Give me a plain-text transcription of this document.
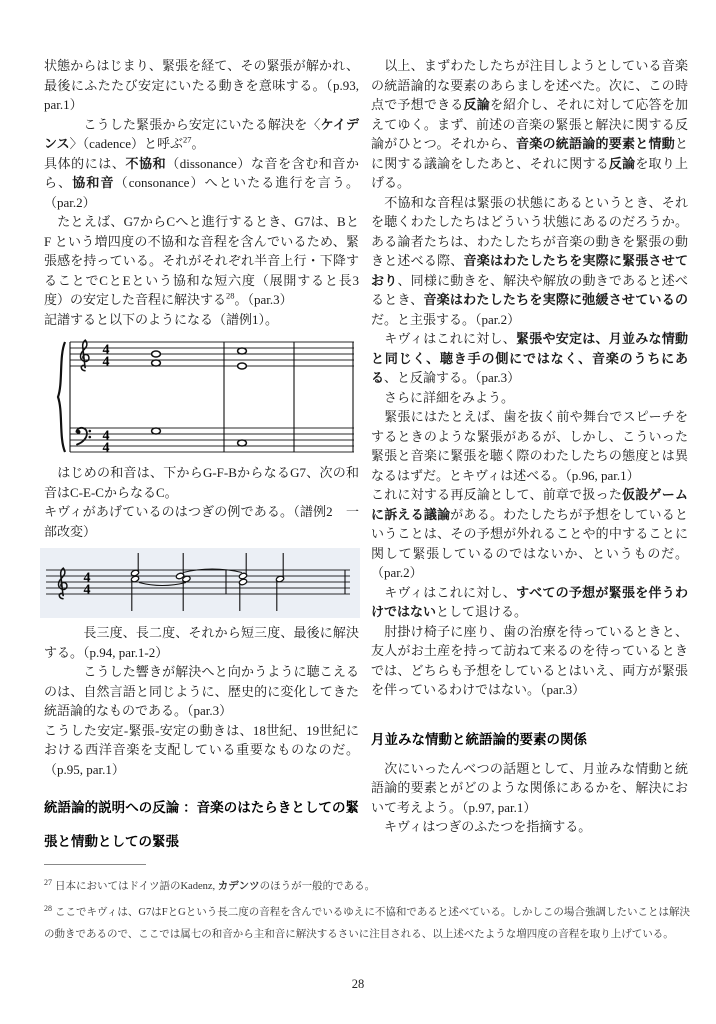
状態からはじまり、緊張を経て、その緊張が解かれ、最後にふたたび安定にいたる動きを意味する。（p.93, par.1）

　　　こうした緊張から安定にいたる解決を〈ケイデンス〉（cadence）と呼ぶ$^{27}$。

具体的には、不協和（dissonance）な音を含む和音から、協和音（consonance）へといたる進行を言う。（par.2）

　たとえば、G7からCへと進行するとき、G7は、BとF という増四度の不協和な音程を含んでいるため、緊張感を持っている。それがそれぞれ半音上行・下降することでCとEという協和な短六度（展開すると長3度）の安定した音程に解決する$^{28}$。（par.3）

記譜すると以下のようになる（譜例1）。

4
4
4
4

　はじめの和音は、下からG-F-BからなるG7、次の和音はC-E-CからなるC。

キヴィがあげているのはつぎの例である。（譜例2　一部改変）

4
4

　　　長三度、長二度、それから短三度、最後に解決する。（p.94, par.1-2）

　　　こうした響きが解決へと向かうように聴こえるのは、自然言語と同じように、歴史的に変化してきた統語論的なものである。（par.3）

こうした安定-緊張-安定の動きは、18世紀、19世紀における西洋音楽を支配している重要なものなのだ。（p.95, par.1）

統語論的説明への反論 ：音楽のはたらきとしての緊張と情動としての緊張

　以上、まずわたしたちが注目しようとしている音楽の統語論的な要素のあらましを述べた。次に、この時点で予想できる反論を紹介し、それに対して応答を加えてゆく。まず、前述の音楽の緊張と解決に関する反論がひとつ。それから、音楽の統語論的要素と情動とに関する議論をしたあと、それに関する反論を取り上げる。

　不協和な音程は緊張の状態にあるというとき、それを聴くわたしたちはどういう状態にあるのだろうか。ある論者たちは、わたしたちが音楽の動きを緊張の動きと述べる際、音楽はわたしたちを実際に緊張させており、同様に動きを、解決や解放の動きであると述べるとき、音楽はわたしたちを実際に弛緩させているのだ。と主張する。（par.2）

　キヴィはこれに対し、緊張や安定は、月並みな情動と同じく、聴き手の側にではなく、音楽のうちにある、と反論する。（par.3）

　さらに詳細をみよう。

　緊張にはたとえば、歯を抜く前や舞台でスピーチをするときのような緊張があるが、しかし、こういった緊張と音楽に緊張を聴く際のわたしたちの態度とは異なるはずだ。とキヴィは述べる。（p.96, par.1）

これに対する再反論として、前章で扱った仮設ゲームに訴える議論がある。わたしたちが予想をしているということは、その予想が外れることや的中することに関して緊張しているのではないか、というものだ。（par.2）

　キヴィはこれに対し、すべての予想が緊張を伴うわけではないとして退ける。

　肘掛け椅子に座り、歯の治療を待っているときと、友人がお土産を持って訪ねて来るのを待っているときでは、どちらも予想をしているとはいえ、両方が緊張を伴っているわけではない。（par.3）

月並みな情動と統語論的要素の関係

　次にいったんべつの話題として、月並みな情動と統語論的要素とがどのような関係にあるかを、解決において考えよう。（p.97, par.1）

　キヴィはつぎのふたつを指摘する。

$^{27}$ 日本においてはドイツ語のKadenz, カデンツのほうが一般的である。
$^{28}$ ここでキヴィは、G7はFとGという長二度の音程を含んでいるゆえに不協和であると述べている。しかしこの場合強調したいことは解決の動きであるので、ここでは属七の和音から主和音に解決するさいに注目される、以上述べたような増四度の音程を取り上げている。
28
